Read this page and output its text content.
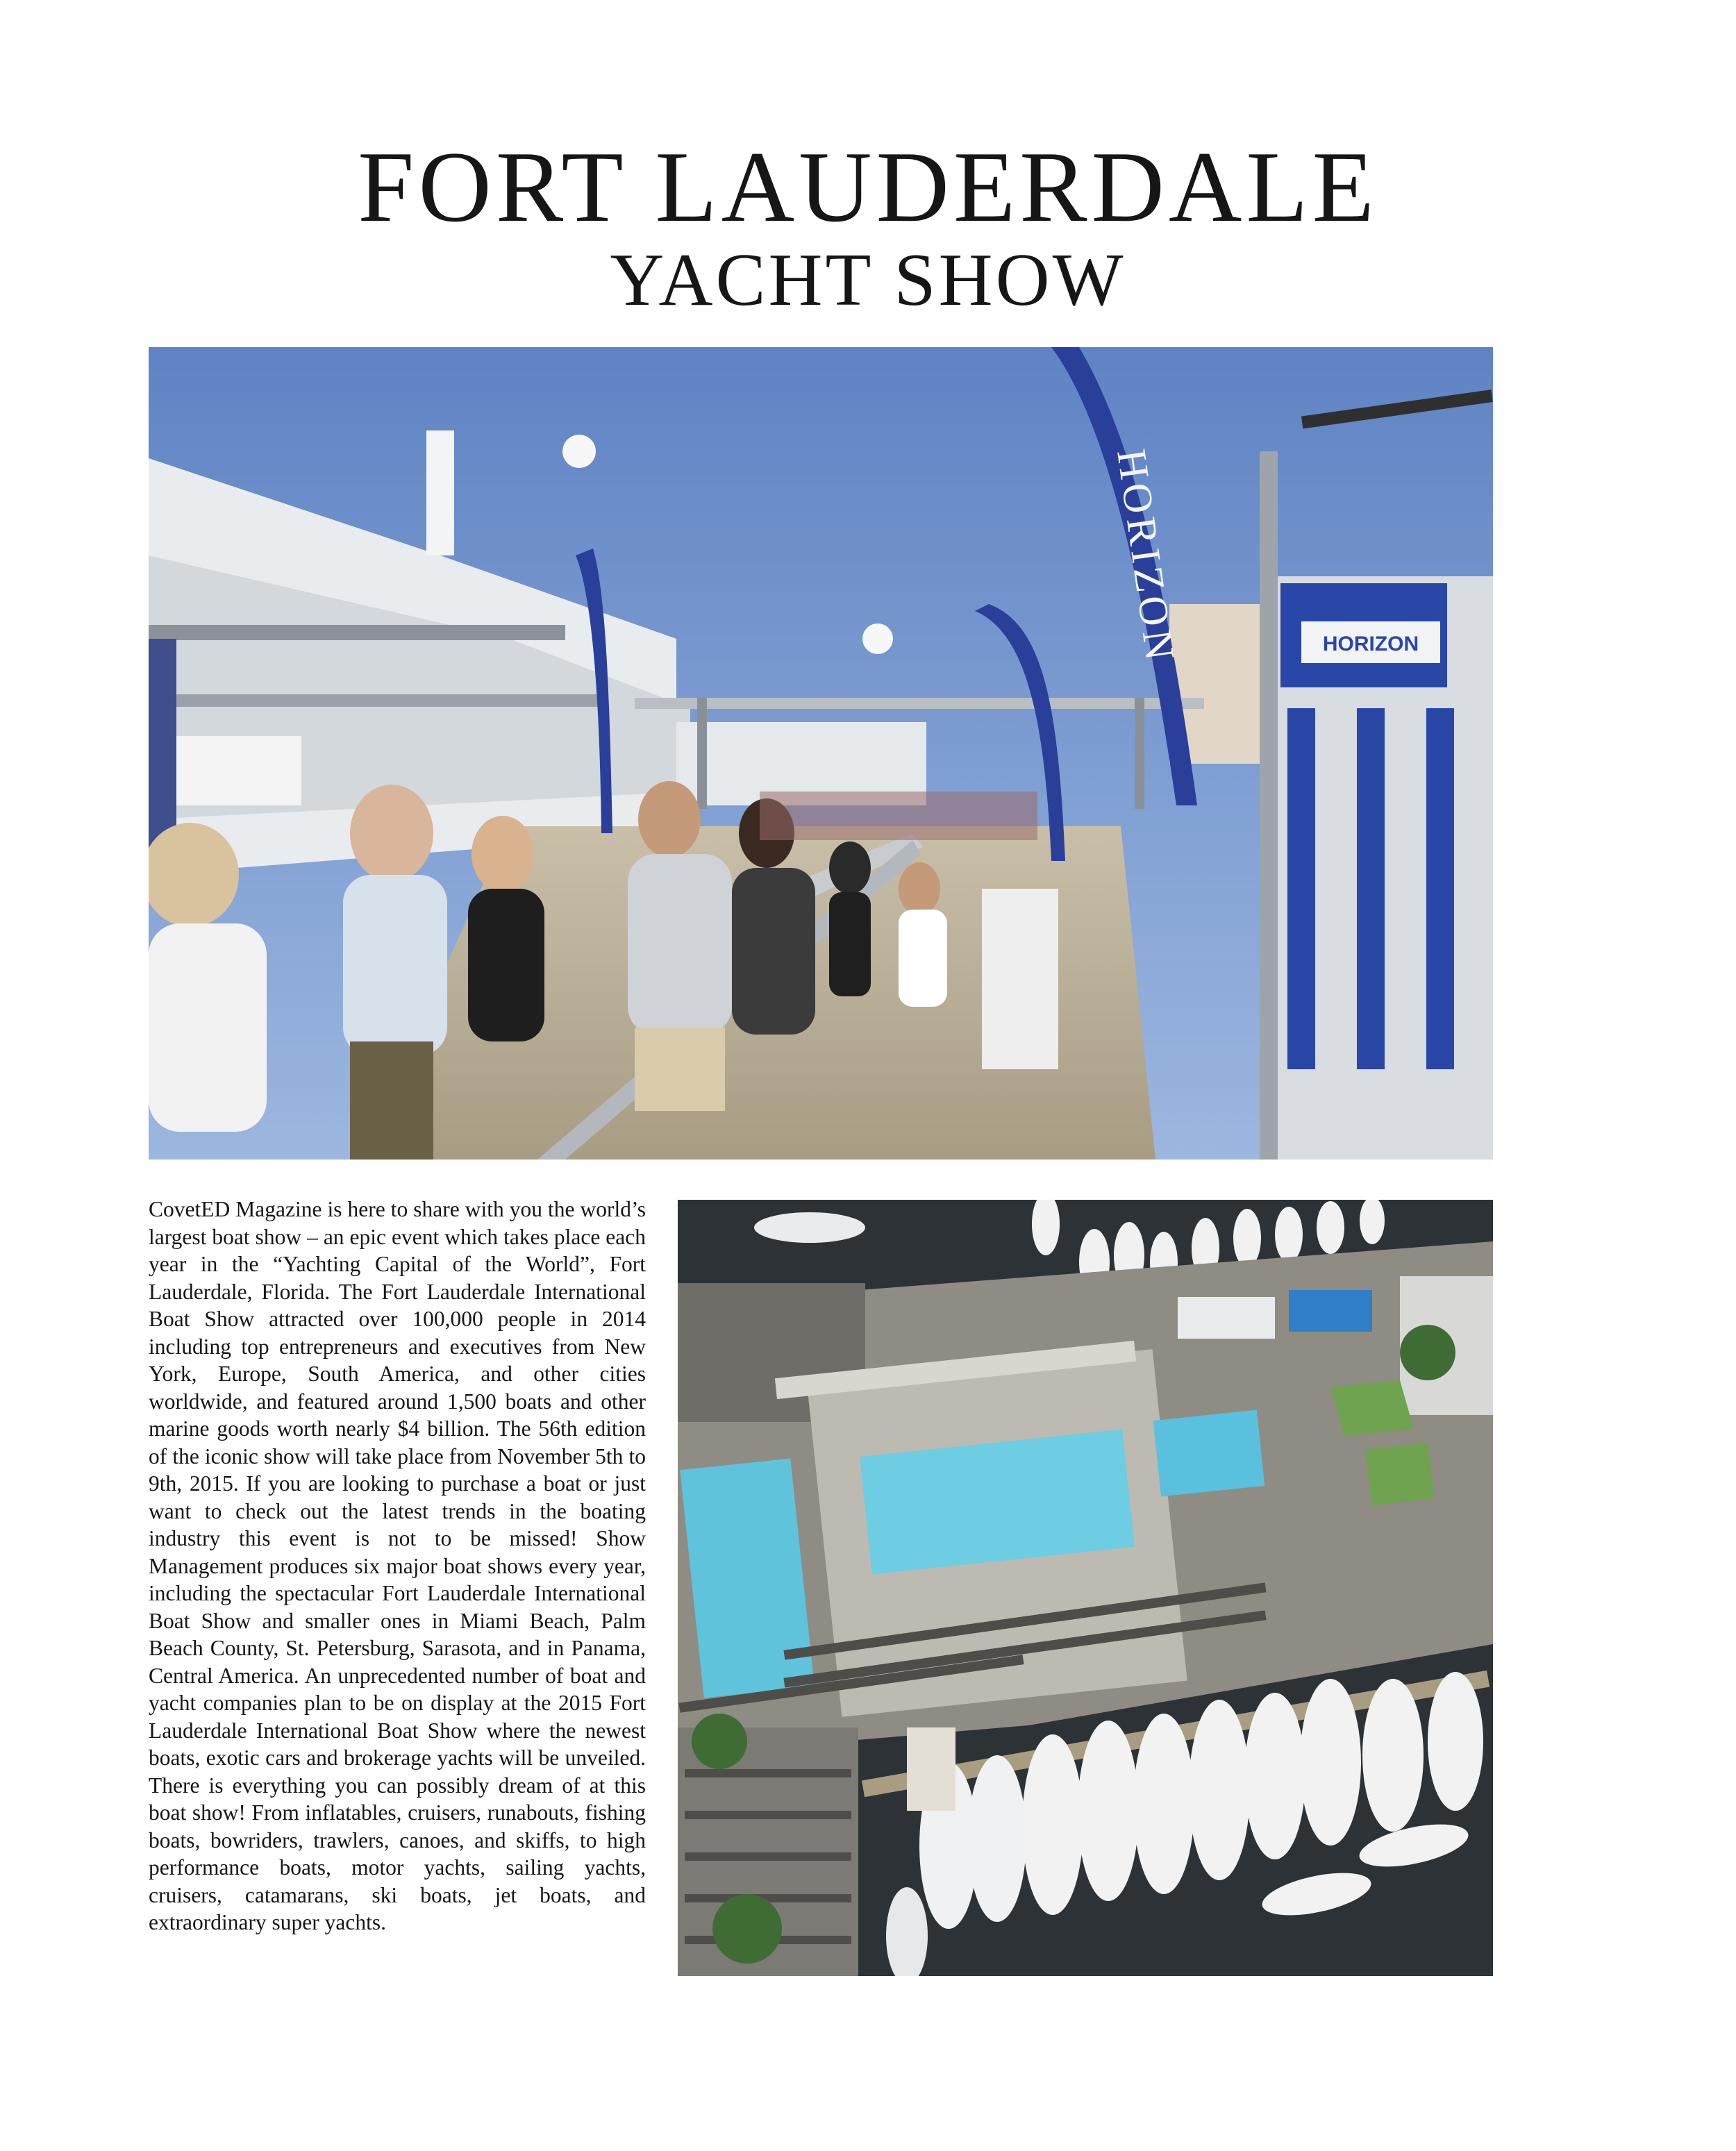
FORT LAUDERDALE
YACHT SHOW
HORIZON	HORIZON

CovetED Magazine is here to share with you the world’s largest boat show – an epic event which takes place each year in the “Yachting Capital of the World”, Fort Lauderdale, Florida. The Fort Lauderdale International Boat Show attracted over 100,000 people in 2014 including top entrepreneurs and executives from New York, Europe, South America, and other cities worldwide, and featured around 1,500 boats and other marine goods worth nearly $4 billion. The 56th edition of the iconic show will take place from November 5th to 9th, 2015. If you are looking to purchase a boat or just want to check out the latest trends in the boating industry this event is not to be missed! Show Management produces six major boat shows every year, including the spectacular Fort Lauderdale International Boat Show and smaller ones in Miami Beach, Palm Beach County, St. Petersburg, Sarasota, and in Panama, Central America. An unprecedented number of boat and yacht companies plan to be on display at the 2015 Fort Lauderdale International Boat Show where the newest boats, exotic cars and brokerage yachts will be unveiled. There is everything you can possibly dream of at this boat show! From inflatables, cruisers, runabouts, fishing boats, bowriders, trawlers, canoes, and skiffs, to high performance boats, motor yachts, sailing yachts, cruisers, catamarans, ski boats, jet boats, and extraordinary super yachts.
